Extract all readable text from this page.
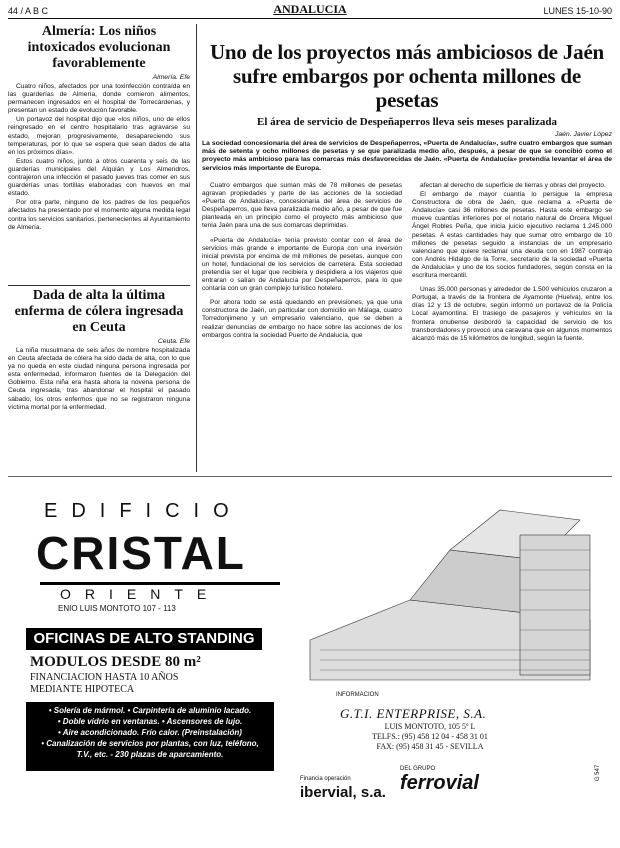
44 / A B C	ANDALUCIA	LUNES 15-10-90
Almería: Los niños intoxicados evolucionan favorablemente
Almería. Efe

Cuatro niños, afectados por una toxinfección contraída en las guarderías de Almería, donde comieron alimentos, permanecen ingresados en el hospital de Torrecárdenas, y presentan un estado de evolución favorable.

Un portavoz del hospital dijo que «los niños, uno de ellos reingresado en el centro hospitalario tras agravarse su estado, mejoran progresivamente, desapareciendo sus temperaturas, por lo que se espera que sean dados de alta en los próximos días».

Estos cuatro niños, junto a otros cuarenta y seis de las guarderías municipales del Alquián y Los Almendros, contrajeron una infección el pasado jueves tras comer en sus guarderías unas tortillas elaboradas con huevos en mal estado.

Por otra parte, ninguno de los padres de los pequeños afectados ha presentado por el momento alguna medida legal contra los servicios sanitarios, pertenecientes al Ayuntamiento de Almería.

Dada de alta la última enferma de cólera ingresada en Ceuta
Ceuta. Efe

La niña musulmana de seis años de nombre hospitalizada en Ceuta afectada de cólera ha sido dada de alta, con lo que ya no queda en este ciudad ninguna persona ingresada por esta enfermedad, informaron fuentes de la Delegación del Gobierno. Esta niña era hasta ahora la novena persona de Ceuta ingresada, tras abandonar el hospital el pasado sábado, los otros enfermos que no se registraron ninguna víctima mortal por la enfermedad.

Uno de los proyectos más ambiciosos de Jaén sufre embargos por ochenta millones de pesetas
El área de servicio de Despeñaperros lleva seis meses paralizada
Jaén. Javier López
La sociedad concesionaria del área de servicios de Despeñaperros, «Puerta de Andalucía», sufre cuatro embargos que suman más de setenta y ocho millones de pesetas y se que paralizada medio año, después, a pesar de que se concibió como el proyecto más ambicioso para las comarcas más desfavorecidas de Jaén. «Puerta de Andalucía» pretendía levantar el área de servicios más importante de Europa.

Cuatro embargos que suman más de 78 millones de pesetas agravan propiedades y parte de las acciones de la sociedad «Puerta de Andalucía», concesionaria del área de servicios de Despeñaperros, que lleva paralizada medio año, a pesar de que fue planteada en un principio como el proyecto más ambicioso que tenía Jaén para una de sus comarcas deprimidas.

«Puerta de Andalucía» tenía previsto contar con el área de servicios más grande e importante de Europa con una inversión inicial prevista por encima de mil millones de pesetas, aunque con un hotel, fundacional de los servicios de carretera. Esta sociedad pretendía ser el lugar que recibiera y despidiera a los viajeros que entraran o salían de Andalucía por Despeñaperros, para lo que contaría con un gran complejo turístico hotelero.

Por ahora todo se está quedando en previsiones, ya que una constructora de Jaén, un particular con domicilio en Málaga, cuatro Torredonjimeno y un empresario valenciano, que se deben a realizar denuncias de embargo no hace sobre las acciones de los embargos contra la sociedad Puerto de Andalucía, que

afectan al derecho de superficie de tierras y obras del proyecto.

El embargo de mayor cuantía lo persigue la empresa Constructora de obra de Jaén, que reclama a «Puerta de Andalucía» casi 36 millones de pesetas. Hasta este embargo se mueve cuantías inferiores por el notario natural de Orcera Miguel Ángel Robles Peña, que inicia juicio ejecutivo reclama 1.245.000 pesetas. A estas cantidades hay que sumar otro embargo de 10 millones de pesetas seguido a instancias de un empresario valenciano que quiere reclamar una deuda con en 1987 contrajo con Andrés Hidalgo de la Torre, secretario de la sociedad «Puerta de Andalucía» y uno de los socios fundadores, según consta en la escritura mercantil.

Unas 35.000 personas y alrededor de 1.500 vehículos cruzaron a Portugal, a través de la frontera de Ayamonte (Huelva), entre los días 12 y 13 de octubre, según informó un portavoz de la Policía Local ayamontina. El trasiego de pasajeros y vehículos en la frontera onubense desbordó la capacidad de servicio de los transbordadores y provocó una caravana que en algunos momentos alcanzó más de 15 kilómetros de longitud, según la fuente.

EDIFICIO
CRISTAL
ORIENTE
ENIO LUIS MONTOTO 107 - 113
OFICINAS DE ALTO STANDING
MODULOS DESDE 80 m²
FINANCIACION HASTA 10 AÑOS MEDIANTE HIPOTECA
• Solería de mármol. • Carpintería de aluminio lacado.
• Doble vidrio en ventanas. • Ascensores de lujo.
• Aire acondicionado. Frío calor. (Preinstalación)
• Canalización de servicios por plantas, con luz, teléfono,
T.V., etc. - 230 plazas de aparcamiento.
INFORMACION
G.T.I. ENTERPRISE, S.A.
LUIS MONTOTO, 105 5º L
TELFS.: (95) 458 12 04 - 458 31 01
FAX: (95) 458 31 45 - SEVILLA
Financia operación
ibervial, s.a.
DEL GRUPO
ferrovial	G 547
